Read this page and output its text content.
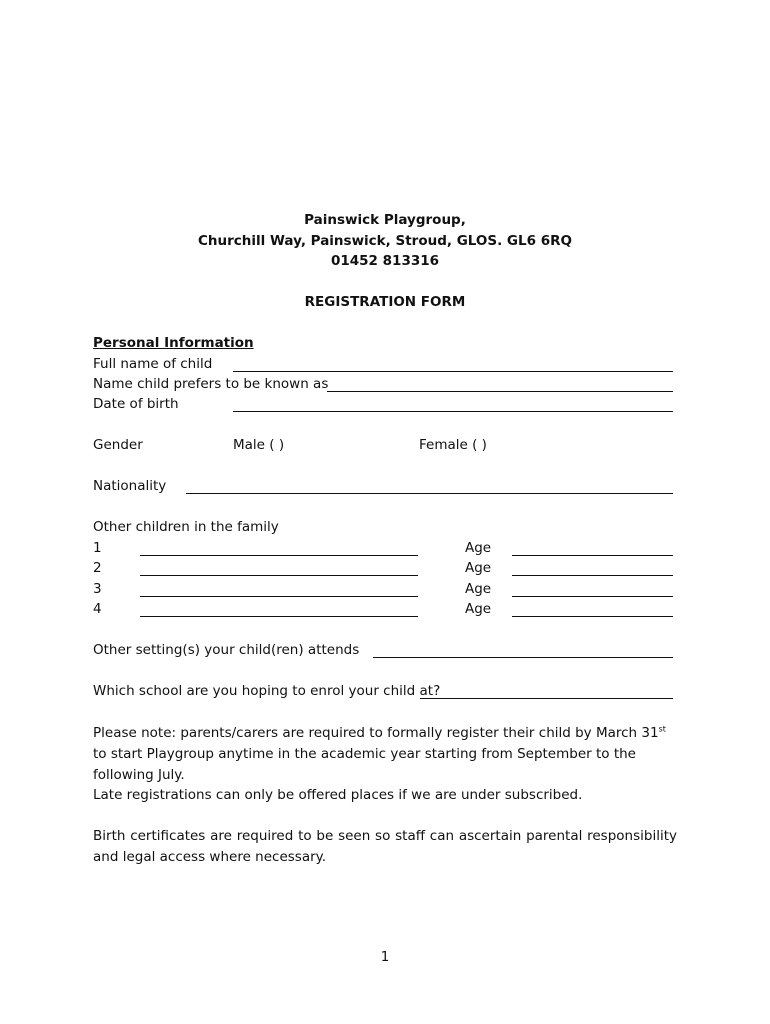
Painswick Playgroup,
Churchill Way, Painswick, Stroud, GLOS. GL6 6RQ
01452 813316
REGISTRATION FORM
Personal Information
Full name of child
Name child prefers to be known as
Date of birth
Gender	Male ( )	Female ( )
Nationality
Other children in the family
1	Age
2	Age
3	Age
4	Age
Other setting(s) your child(ren) attends
Which school are you hoping to enrol your child at?
Please note: parents/carers are required to formally register their child by March 31st to start Playgroup anytime in the academic year starting from September to the following July.
Late registrations can only be offered places if we are under subscribed.
Birth certificates are required to be seen so staff can ascertain parental responsibility and legal access where necessary.
1
